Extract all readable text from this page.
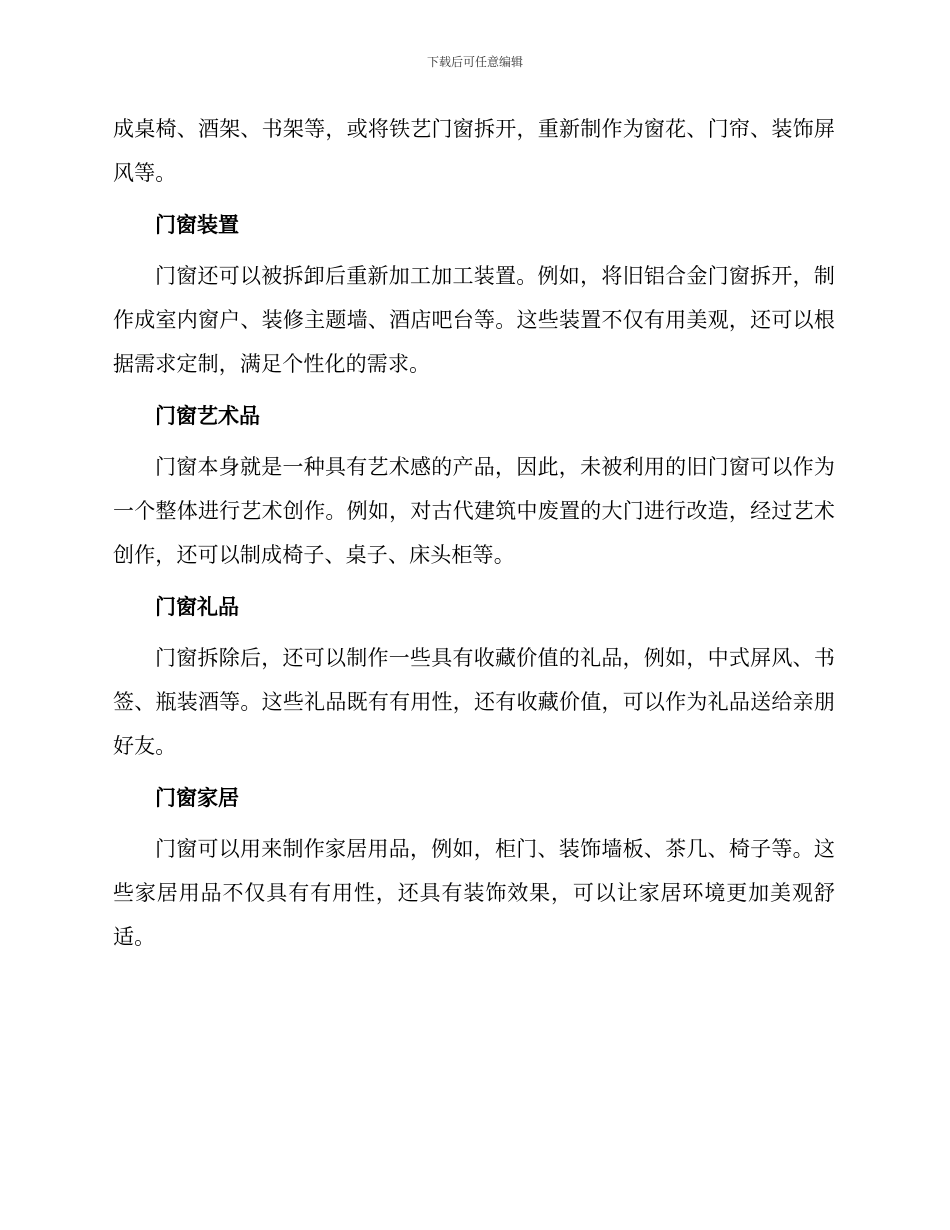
下载后可任意编辑

成桌椅、酒架、书架等，或将铁艺门窗拆开，重新制作为窗花、门帘、装饰屏风等。

门窗装置

门窗还可以被拆卸后重新加工加工装置。例如，将旧铝合金门窗拆开，制作成室内窗户、装修主题墙、酒店吧台等。这些装置不仅有用美观，还可以根据需求定制，满足个性化的需求。

门窗艺术品

门窗本身就是一种具有艺术感的产品，因此，未被利用的旧门窗可以作为一个整体进行艺术创作。例如，对古代建筑中废置的大门进行改造，经过艺术创作，还可以制成椅子、桌子、床头柜等。

门窗礼品

门窗拆除后，还可以制作一些具有收藏价值的礼品，例如，中式屏风、书签、瓶装酒等。这些礼品既有有用性，还有收藏价值，可以作为礼品送给亲朋好友。

门窗家居

门窗可以用来制作家居用品，例如，柜门、装饰墙板、茶几、椅子等。这些家居用品不仅具有有用性，还具有装饰效果，可以让家居环境更加美观舒适。
